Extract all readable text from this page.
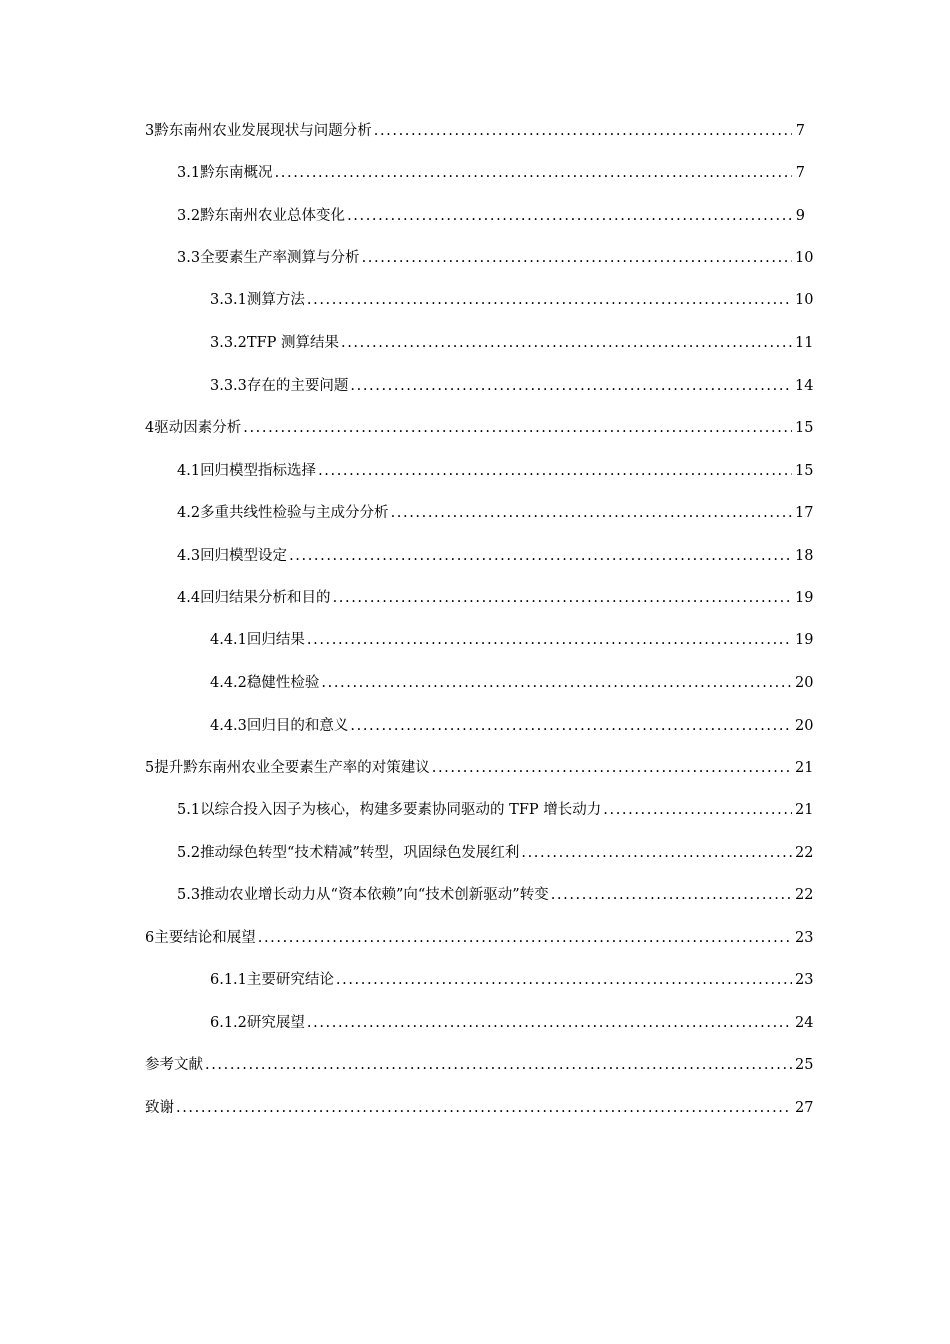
3 黔东南州农业发展现状与问题分析 .....	7
3.1 黔东南概况 .....	7
3.2 黔东南州农业总体变化 .....	9
3.3 全要素生产率测算与分析 .....	10
3.3.1 测算方法 .....	10
3.3.2 TFP 测算结果 .....	11
3.3.3 存在的主要问题 .....	14
4 驱动因素分析 .....	15
4.1 回归模型指标选择 .....	15
4.2 多重共线性检验与主成分分析 .....	17
4.3 回归模型设定 .....	18
4.4 回归结果分析和目的 .....	19
4.4.1 回归结果 .....	19
4.4.2 稳健性检验 .....	20
4.4.3 回归目的和意义 .....	20
5 提升黔东南州农业全要素生产率的对策建议 .....	21
5.1 以综合投入因子为核心，构建多要素协同驱动的 TFP 增长动力 .....	21
5.2 推动绿色转型“技术精减”转型，巩固绿色发展红利 .....	22
5.3 推动农业增长动力从“资本依赖”向“技术创新驱动”转变 .....	22
6 主要结论和展望 .....	23
6.1.1 主要研究结论 .....	23
6.1.2 研究展望 .....	24
参考文献 .....	25
致谢 .....	27
